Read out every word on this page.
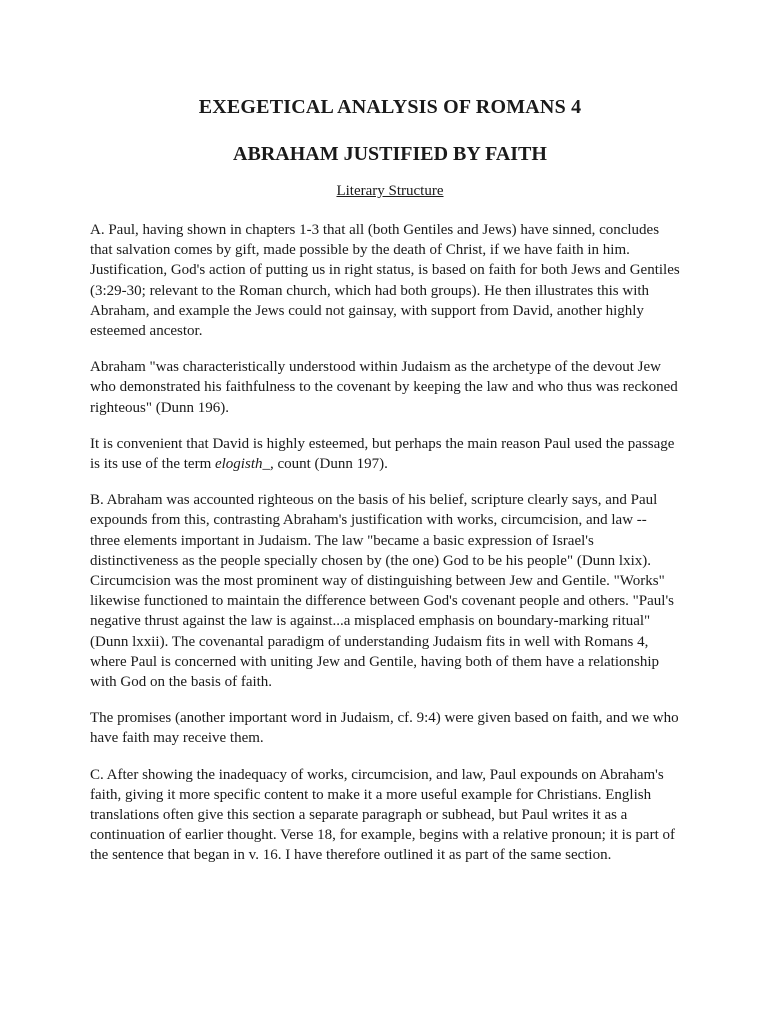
EXEGETICAL ANALYSIS OF ROMANS 4
ABRAHAM JUSTIFIED BY FAITH
Literary Structure

A. Paul, having shown in chapters 1-3 that all (both Gentiles and Jews) have sinned, concludes that salvation comes by gift, made possible by the death of Christ, if we have faith in him. Justification, God's action of putting us in right status, is based on faith for both Jews and Gentiles (3:29-30; relevant to the Roman church, which had both groups). He then illustrates this with Abraham, and example the Jews could not gainsay, with support from David, another highly esteemed ancestor.

Abraham "was characteristically understood within Judaism as the archetype of the devout Jew who demonstrated his faithfulness to the covenant by keeping the law and who thus was reckoned righteous" (Dunn 196).

It is convenient that David is highly esteemed, but perhaps the main reason Paul used the passage is its use of the term elogisth_, count (Dunn 197).

B. Abraham was accounted righteous on the basis of his belief, scripture clearly says, and Paul expounds from this, contrasting Abraham's justification with works, circumcision, and law -- three elements important in Judaism. The law "became a basic expression of Israel's distinctiveness as the people specially chosen by (the one) God to be his people" (Dunn lxix). Circumcision was the most prominent way of distinguishing between Jew and Gentile. "Works" likewise functioned to maintain the difference between God's covenant people and others. "Paul's negative thrust against the law is against...a misplaced emphasis on boundary-marking ritual" (Dunn lxxii). The covenantal paradigm of understanding Judaism fits in well with Romans 4, where Paul is concerned with uniting Jew and Gentile, having both of them have a relationship with God on the basis of faith.

The promises (another important word in Judaism, cf. 9:4) were given based on faith, and we who have faith may receive them.

C. After showing the inadequacy of works, circumcision, and law, Paul expounds on Abraham's faith, giving it more specific content to make it a more useful example for Christians. English translations often give this section a separate paragraph or subhead, but Paul writes it as a continuation of earlier thought. Verse 18, for example, begins with a relative pronoun; it is part of the sentence that began in v. 16. I have therefore outlined it as part of the same section.
